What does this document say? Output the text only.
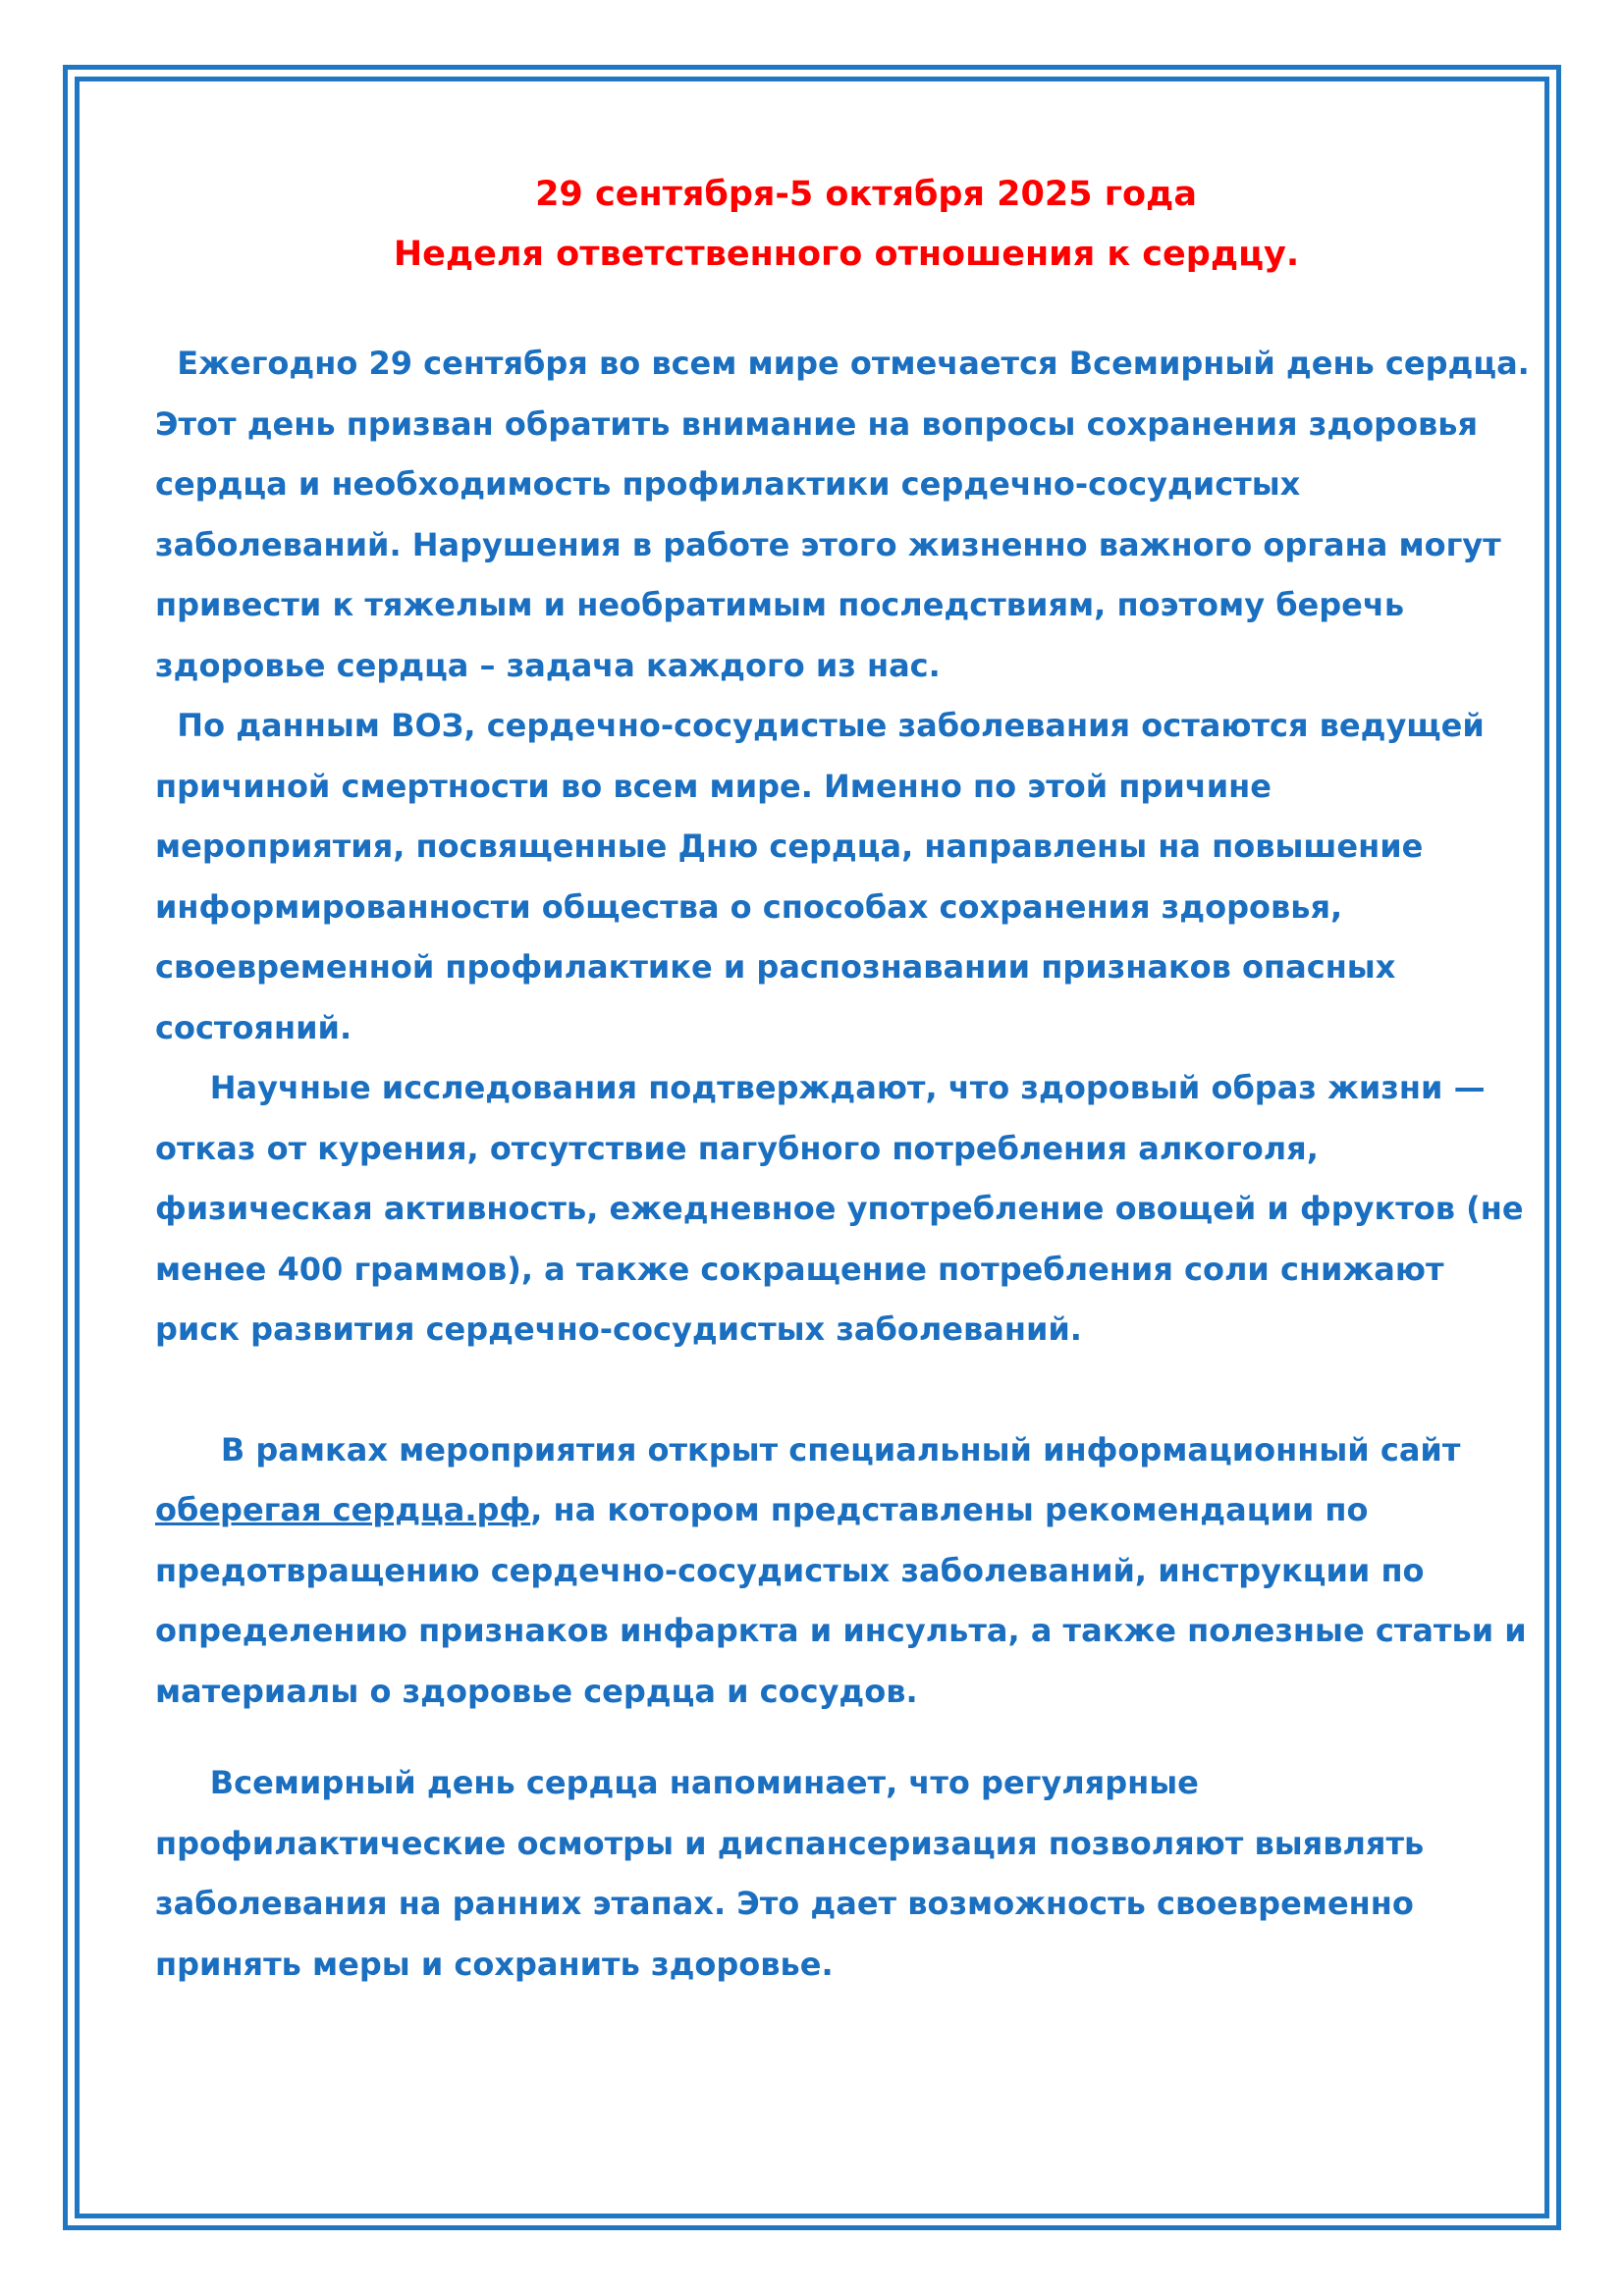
29 сентября-5 октября 2025 года
Неделя ответственного отношения к сердцу.

Ежегодно 29 сентября во всем мире отмечается Всемирный день сердца. Этот день призван обратить внимание на вопросы сохранения здоровья сердца и необходимость профилактики сердечно-сосудистых заболеваний. Нарушения в работе этого жизненно важного органа могут привести к тяжелым и необратимым последствиям, поэтому беречь здоровье сердца – задача каждого из нас.

По данным ВОЗ, сердечно-сосудистые заболевания остаются ведущей причиной смертности во всем мире. Именно по этой причине мероприятия, посвященные Дню сердца, направлены на повышение информированности общества о способах сохранения здоровья, своевременной профилактике и распознавании признаков опасных состояний.

Научные исследования подтверждают, что здоровый образ жизни — отказ от курения, отсутствие пагубного потребления алкоголя, физическая активность, ежедневное употребление овощей и фруктов (не менее 400 граммов), а также сокращение потребления соли снижают риск развития сердечно-сосудистых заболеваний.

В рамках мероприятия открыт специальный информационный сайт оберегая сердца.рф, на котором представлены рекомендации по предотвращению сердечно-сосудистых заболеваний, инструкции по определению признаков инфаркта и инсульта, а также полезные статьи и материалы о здоровье сердца и сосудов.

Всемирный день сердца напоминает, что регулярные профилактические осмотры и диспансеризация позволяют выявлять заболевания на ранних этапах. Это дает возможность своевременно принять меры и сохранить здоровье.
